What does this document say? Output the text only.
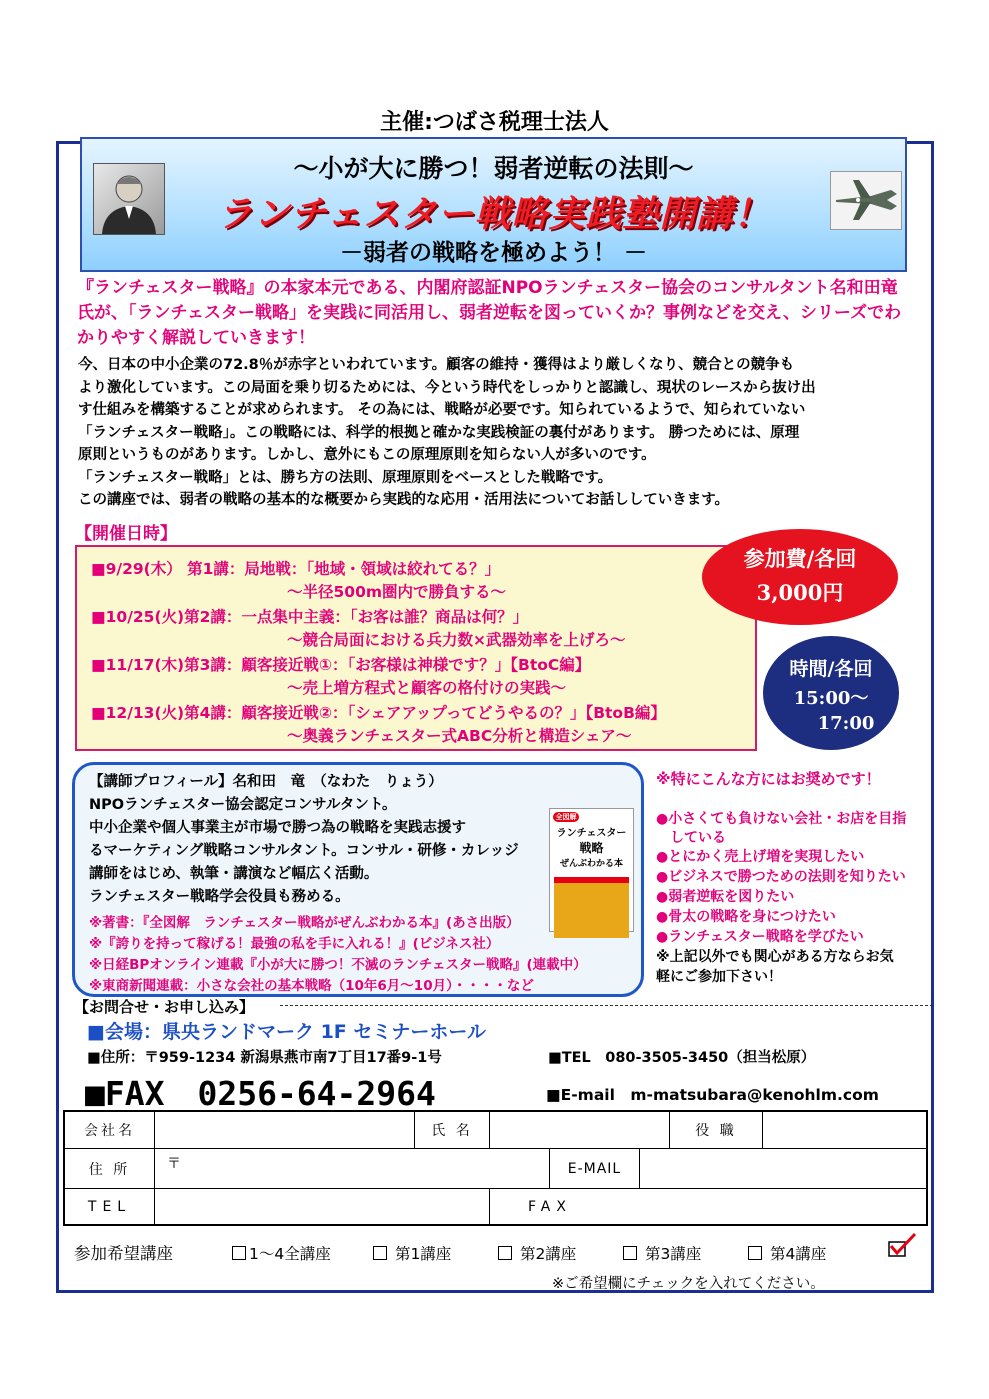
主催:つばさ税理士法人
～小が大に勝つ！弱者逆転の法則～
ランチェスター戦略実践塾開講！
－弱者の戦略を極めよう！ －
『ランチェスター戦略』の本家本元である、内閣府認証NPOランチェスター協会のコンサルタント名和田竜
氏が、「ランチェスター戦略」を実践に同活用し、弱者逆転を図っていくか？事例などを交え、シリーズでわ
かりやすく解説していきます！
今、日本の中小企業の72.8％が赤字といわれています。顧客の維持・獲得はより厳しくなり、競合との競争も
より激化しています。この局面を乗り切るためには、今という時代をしっかりと認識し、現状のレースから抜け出
す仕組みを構築することが求められます。 その為には、戦略が必要です。知られているようで、知られていない
「ランチェスター戦略」。この戦略には、科学的根拠と確かな実践検証の裏付があります。 勝つためには、原理
原則というものがあります。しかし、意外にもこの原理原則を知らない人が多いのです。
「ランチェスター戦略」とは、勝ち方の法則、原理原則をベースとした戦略です。
この講座では、弱者の戦略の基本的な概要から実践的な応用・活用法についてお話ししていきます。
【開催日時】
■9/29(木） 第1講：局地戦：「地域・領域は絞れてる？」
～半径500m圏内で勝負する～
■10/25(火)第2講：一点集中主義：「お客は誰？商品は何？」
～競合局面における兵力数×武器効率を上げろ～
■11/17(木)第3講：顧客接近戦①：「お客様は神様です？」【BtoC編】
～売上増方程式と顧客の格付けの実践～
■12/13(火)第4講：顧客接近戦②：「シェアアップってどうやるの？」【BtoB編】
～奥義ランチェスター式ABC分析と構造シェア～
参加費/各回
3,000円
時間/各回
15:00～
17:00
【講師プロフィール】名和田　竜　（なわた　りょう）
NPOランチェスター協会認定コンサルタント。
中小企業や個人事業主が市場で勝つ為の戦略を実践志援す
るマーケティング戦略コンサルタント。コンサル・研修・カレッジ
講師をはじめ、執筆・講演など幅広く活動。
ランチェスター戦略学会役員も務める。
※著書：『全図解　ランチェスター戦略がぜんぶわかる本』(あさ出版）
※『誇りを持って稼げる！最強の私を手に入れる！』(ビジネス社）
※日経BPオンライン連載『小が大に勝つ！不滅のランチェスター戦略』(連載中）
※東商新聞連載：小さな会社の基本戦略（10年6月～10月）・・・・など
全図解
ランチェスター
戦略
ぜんぶわかる本
※特にこんな方にはお奨めです！
●小さくても負けない会社・お店を目指
　している
●とにかく売上げ増を実現したい
●ビジネスで勝つための法則を知りたい
●弱者逆転を図りたい
●骨太の戦略を身につけたい
●ランチェスター戦略を学びたい
※上記以外でも関心がある方ならお気
軽にご参加下さい！
【お問合せ・お申し込み】
■会場：県央ランドマーク 1F セミナーホール
■住所：〒959-1234 新潟県燕市南7丁目17番9-1号	■TEL　080-3505-3450（担当松原）
■FAX　0256-64-2964	■E-mail　m-matsubara@kenohlm.com
会社名	氏 名	役 職
住 所	〒	E-MAIL
TEL	FAX
参加希望講座	1～4全講座	第1講座	第2講座	第3講座	第4講座
※ご希望欄にチェックを入れてください。
